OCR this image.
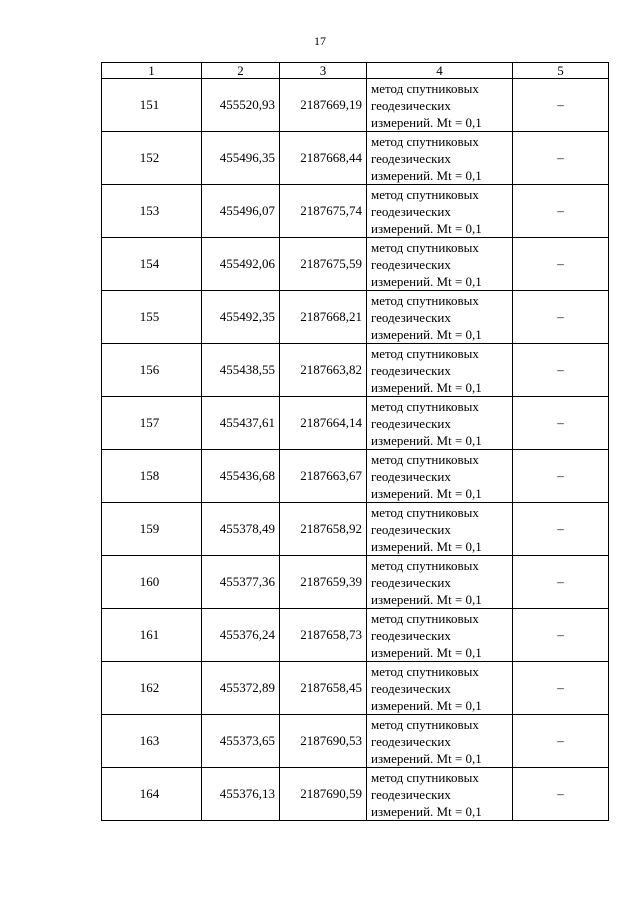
17
1	2	3	4	5
151	455520,93	2187669,19	метод спутниковых
геодезических
измерений. Mt = 0,1	–
152	455496,35	2187668,44	метод спутниковых
геодезических
измерений. Mt = 0,1	–
153	455496,07	2187675,74	метод спутниковых
геодезических
измерений. Mt = 0,1	–
154	455492,06	2187675,59	метод спутниковых
геодезических
измерений. Mt = 0,1	–
155	455492,35	2187668,21	метод спутниковых
геодезических
измерений. Mt = 0,1	–
156	455438,55	2187663,82	метод спутниковых
геодезических
измерений. Mt = 0,1	–
157	455437,61	2187664,14	метод спутниковых
геодезических
измерений. Mt = 0,1	–
158	455436,68	2187663,67	метод спутниковых
геодезических
измерений. Mt = 0,1	–
159	455378,49	2187658,92	метод спутниковых
геодезических
измерений. Mt = 0,1	–
160	455377,36	2187659,39	метод спутниковых
геодезических
измерений. Mt = 0,1	–
161	455376,24	2187658,73	метод спутниковых
геодезических
измерений. Mt = 0,1	–
162	455372,89	2187658,45	метод спутниковых
геодезических
измерений. Mt = 0,1	–
163	455373,65	2187690,53	метод спутниковых
геодезических
измерений. Mt = 0,1	–
164	455376,13	2187690,59	метод спутниковых
геодезических
измерений. Mt = 0,1	–
